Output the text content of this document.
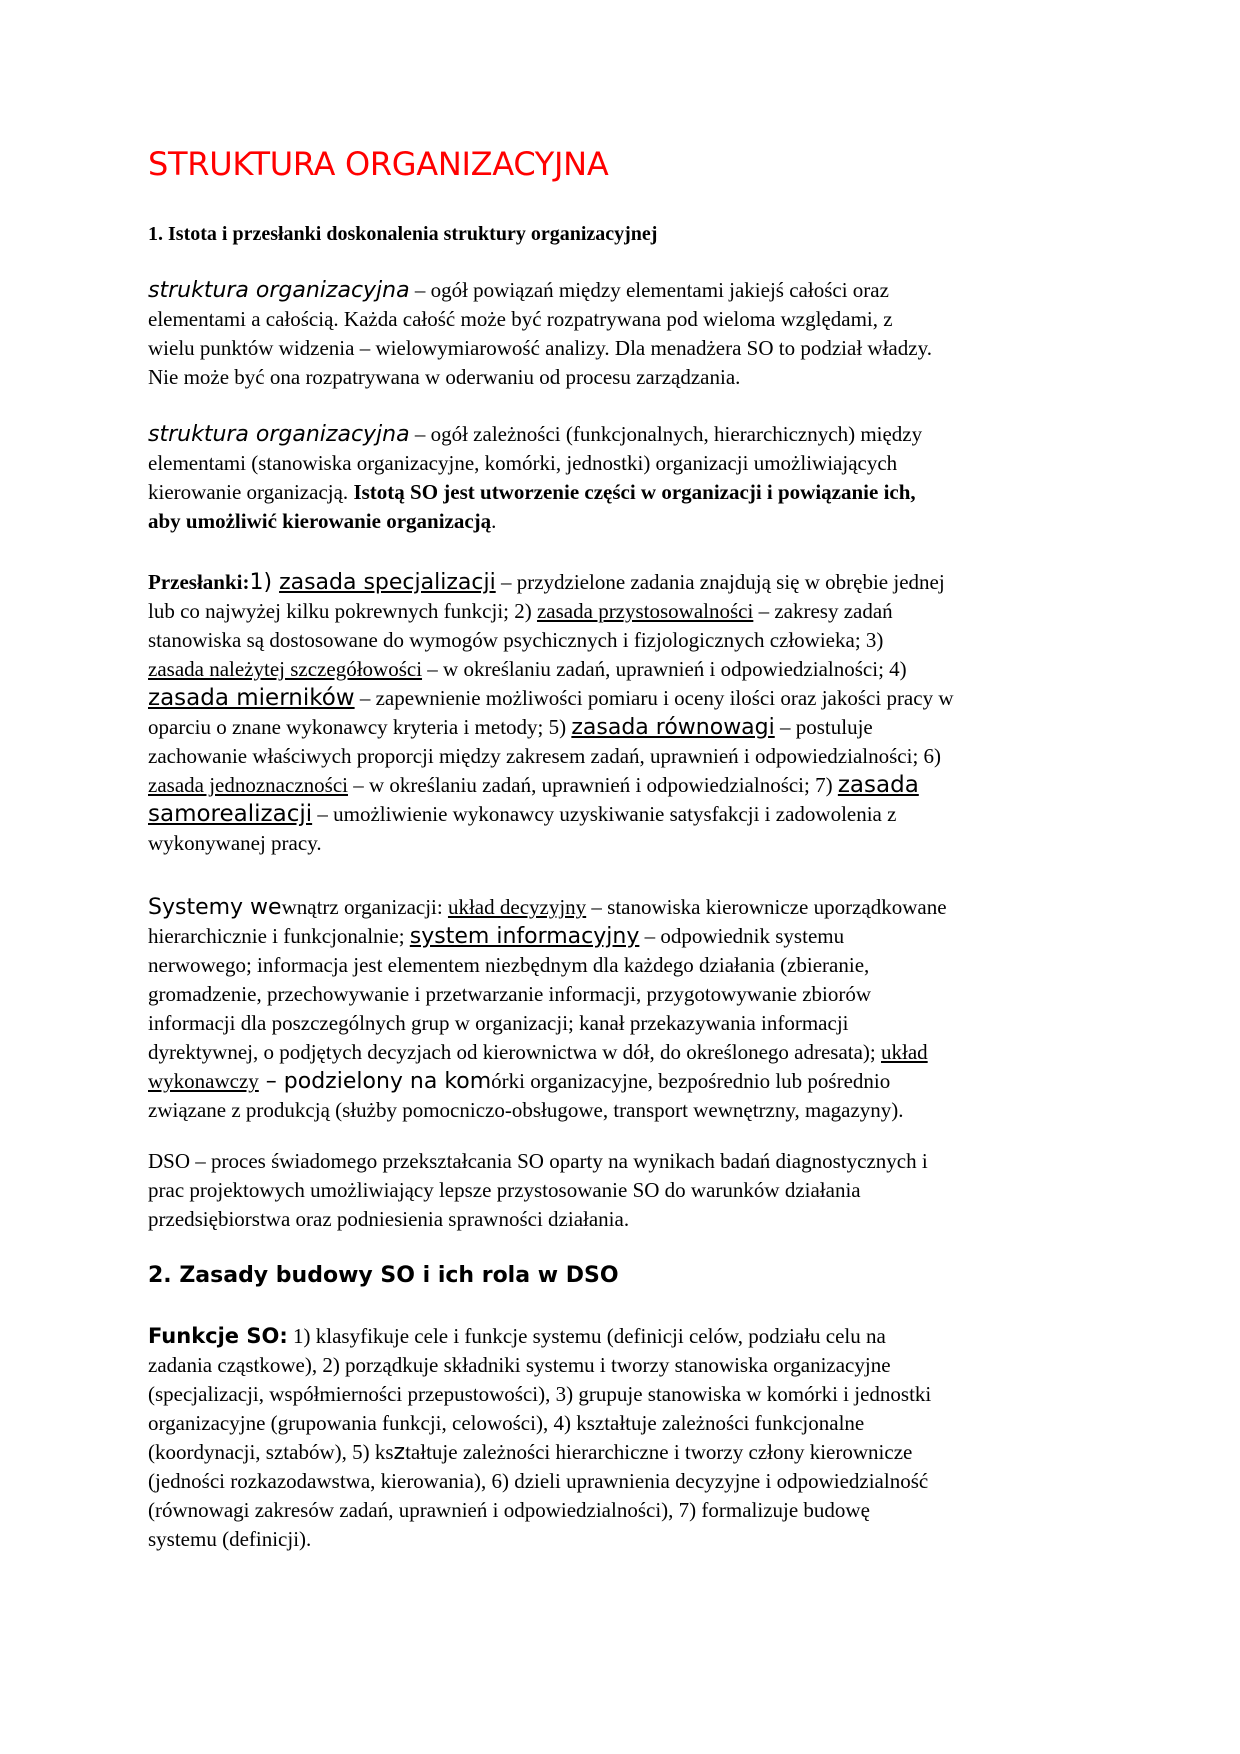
STRUKTURA ORGANIZACYJNA
1. Istota i przesłanki doskonalenia struktury organizacyjnej
struktura organizacyjna – ogół powiązań między elementami jakiejś całości oraz
elementami a całością. Każda całość może być rozpatrywana pod wieloma względami, z
wielu punktów widzenia – wielowymiarowość analizy. Dla menadżera SO to podział władzy.
Nie może być ona rozpatrywana w oderwaniu od procesu zarządzania.
struktura organizacyjna – ogół zależności (funkcjonalnych, hierarchicznych) między
elementami (stanowiska organizacyjne, komórki, jednostki) organizacji umożliwiających
kierowanie organizacją. Istotą SO jest utworzenie części w organizacji i powiązanie ich,
aby umożliwić kierowanie organizacją.
Przesłanki:1) zasada specjalizacji – przydzielone zadania znajdują się w obrębie jednej
lub co najwyżej kilku pokrewnych funkcji; 2) zasada przystosowalności – zakresy zadań
stanowiska są dostosowane do wymogów psychicznych i fizjologicznych człowieka; 3)
zasada należytej szczegółowości – w określaniu zadań, uprawnień i odpowiedzialności; 4)
zasada mierników – zapewnienie możliwości pomiaru i oceny ilości oraz jakości pracy w
oparciu o znane wykonawcy kryteria i metody; 5) zasada równowagi – postuluje
zachowanie właściwych proporcji między zakresem zadań, uprawnień i odpowiedzialności; 6)
zasada jednoznaczności – w określaniu zadań, uprawnień i odpowiedzialności; 7) zasada
samorealizacji – umożliwienie wykonawcy uzyskiwanie satysfakcji i zadowolenia z
wykonywanej pracy.
Systemy wewnątrz organizacji: układ decyzyjny – stanowiska kierownicze uporządkowane
hierarchicznie i funkcjonalnie; system informacyjny – odpowiednik systemu
nerwowego; informacja jest elementem niezbędnym dla każdego działania (zbieranie,
gromadzenie, przechowywanie i przetwarzanie informacji, przygotowywanie zbiorów
informacji dla poszczególnych grup w organizacji; kanał przekazywania informacji
dyrektywnej, o podjętych decyzjach od kierownictwa w dół, do określonego adresata); układ
wykonawczy – podzielony na komórki organizacyjne, bezpośrednio lub pośrednio
związane z produkcją (służby pomocniczo-obsługowe, transport wewnętrzny, magazyny).
DSO – proces świadomego przekształcania SO oparty na wynikach badań diagnostycznych i
prac projektowych umożliwiający lepsze przystosowanie SO do warunków działania
przedsiębiorstwa oraz podniesienia sprawności działania.
2. Zasady budowy SO i ich rola w DSO
Funkcje SO: 1) klasyfikuje cele i funkcje systemu (definicji celów, podziału celu na
zadania cząstkowe), 2) porządkuje składniki systemu i tworzy stanowiska organizacyjne
(specjalizacji, współmierności przepustowości), 3) grupuje stanowiska w komórki i jednostki
organizacyjne (grupowania funkcji, celowości), 4) kształtuje zależności funkcjonalne
(koordynacji, sztabów), 5) kształtuje zależności hierarchiczne i tworzy człony kierownicze
(jedności rozkazodawstwa, kierowania), 6) dzieli uprawnienia decyzyjne i odpowiedzialność
(równowagi zakresów zadań, uprawnień i odpowiedzialności), 7) formalizuje budowę
systemu (definicji).
